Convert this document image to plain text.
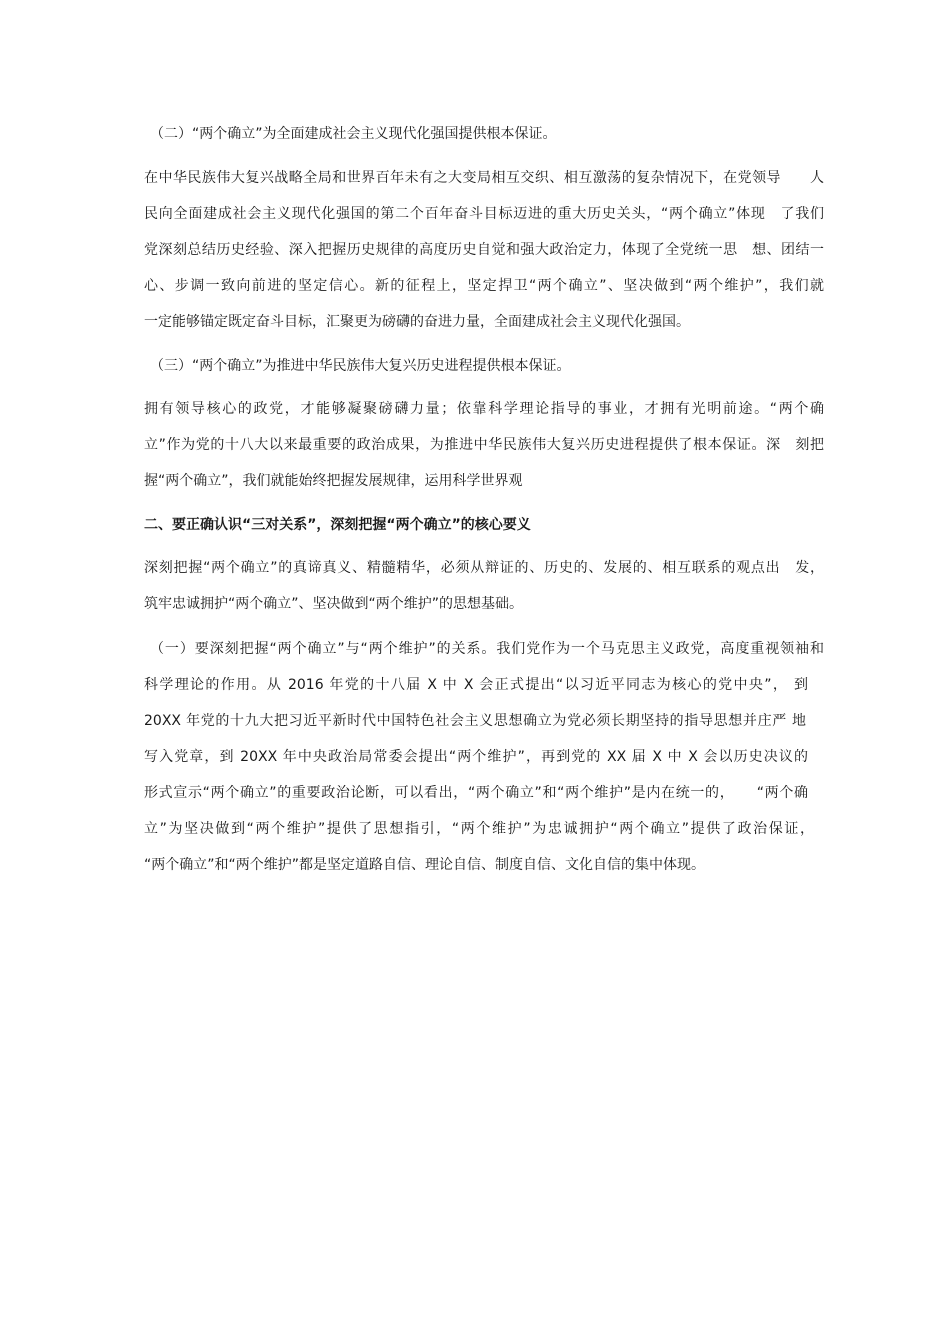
（二）“两个确立”为全面建成社会主义现代化强国提供根本保证。
在中华民族伟大复兴战略全局和世界百年未有之大变局相互交织、相互激荡的复杂情况下，在党领导　　人
民向全面建成社会主义现代化强国的第二个百年奋斗目标迈进的重大历史关头，“两个确立”体现　了我们
党深刻总结历史经验、深入把握历史规律的高度历史自觉和强大政治定力，体现了全党统一思　想、团结一
心、步调一致向前进的坚定信心。新的征程上，坚定捍卫“两个确立”、坚决做到“两个维护”，我们就
一定能够锚定既定奋斗目标，汇聚更为磅礴的奋进力量，全面建成社会主义现代化强国。
（三）“两个确立”为推进中华民族伟大复兴历史进程提供根本保证。
拥有领导核心的政党，才能够凝聚磅礴力量；依靠科学理论指导的事业，才拥有光明前途。“两个确
立”作为党的十八大以来最重要的政治成果，为推进中华民族伟大复兴历史进程提供了根本保证。深　刻把
握“两个确立”，我们就能始终把握发展规律，运用科学世界观
二、要正确认识“三对关系”，深刻把握“两个确立”的核心要义
深刻把握“两个确立”的真谛真义、精髓精华，必须从辩证的、历史的、发展的、相互联系的观点出　发，
筑牢忠诚拥护“两个确立”、坚决做到“两个维护”的思想基础。
（一）要深刻把握“两个确立”与“两个维护”的关系。我们党作为一个马克思主义政党，高度重视领袖和
科学理论的作用。从 2016 年党的十八届 X 中 X 会正式提出“以习近平同志为核心的党中央”， 到
20XX 年党的十九大把习近平新时代中国特色社会主义思想确立为党必须长期坚持的指导思想并庄严 地
写入党章，到 20XX 年中央政治局常委会提出“两个维护”，再到党的 XX 届 X 中 X 会以历史决议的
形式宣示“两个确立”的重要政治论断，可以看出，“两个确立”和“两个维护”是内在统一的，　　“两个确
立”为坚决做到“两个维护”提供了思想指引，“两个维护”为忠诚拥护“两个确立”提供了政治保证，
“两个确立”和“两个维护”都是坚定道路自信、理论自信、制度自信、文化自信的集中体现。
